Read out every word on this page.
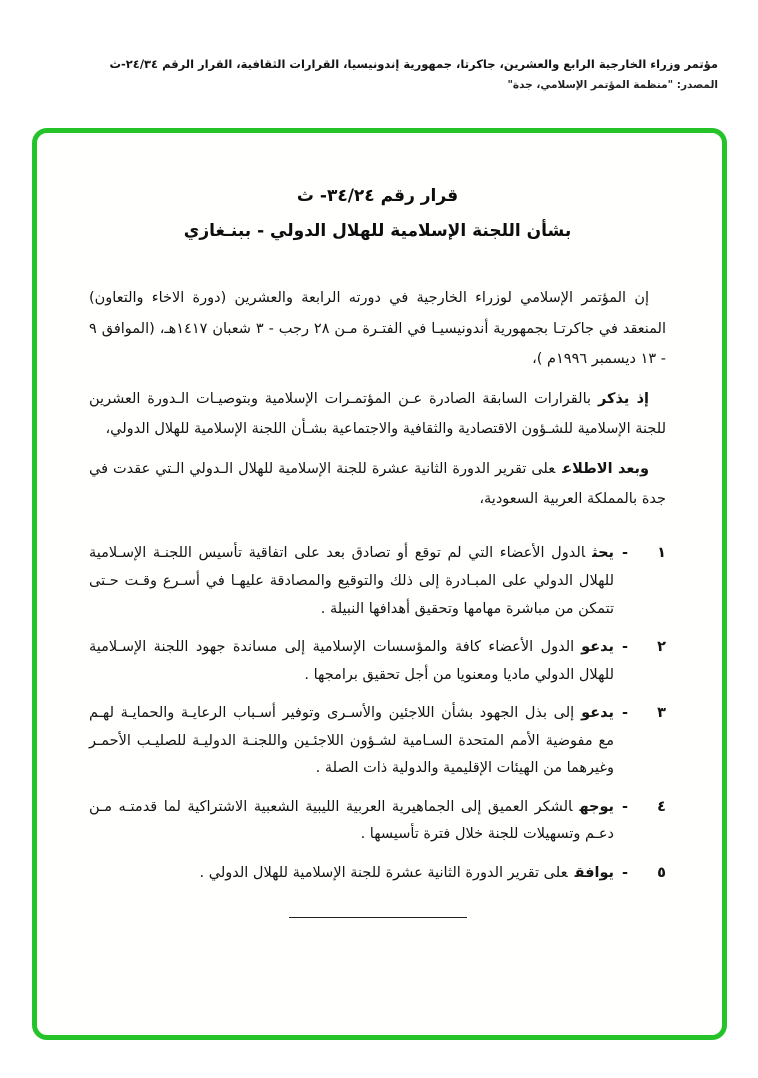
مؤتمر وزراء الخارجية الرابع والعشرين، جاكرتا، جمهورية إندونيسيا، القرارات الثقافية، القرار الرقم ٢٤/٣٤-ث
المصدر: "منظمة المؤتمر الإسلامي، جدة"
قرار رقم ٣٤/٢٤- ث
بشأن اللجنة الإسلامية للهلال الدولي - ببنـغازي

إن المؤتمر الإسلامي لوزراء الخارجية في دورته الرابعة والعشرين (دورة الاخاء والتعاون) المنعقد في جاكرتـا بجمهورية أندونيسيـا في الفتـرة مـن ٢٨ رجب - ٣ شعبان ١٤١٧هـ، (الموافق ٩ - ١٣ ديسمبر ١٩٩٦م )،

إذ يذكربالقرارات السابقة الصادرة عـن المؤتمـرات الإسلامية وبتوصيـات الـدورة العشرين للجنة الإسلامية للشـؤون الاقتصادية والثقافية والاجتماعية بشـأن اللجنة الإسلامية للهلال الدولي،

وبعد الاطلاععلى تقرير الدورة الثانية عشرة للجنة الإسلامية للهلال الـدولي الـتي عقدت في جدة بالمملكة العربية السعودية،

١
-
يحثالدول الأعضاء التي لم توقع أو تصادق بعد على اتفاقية تأسيس اللجنـة الإسـلامية للهلال الدولي على المبـادرة إلى ذلك والتوقيع والمصادقة عليهـا في أسـرع وقـت حـتى تتمكن من مباشرة مهامها وتحقيق أهدافها النبيلة .
٢
-
يدعوالدول الأعضاء كافة والمؤسسات الإسلامية إلى مساندة جهود اللجنة الإسـلامية للهلال الدولي ماديا ومعنويا من أجل تحقيق برامجها .
٣
-
يدعوإلى بذل الجهود بشأن اللاجئين والأسـرى وتوفير أسـباب الرعايـة والحمايـة لهـم مع مفوضية الأمم المتحدة السـامية لشـؤون اللاجئـين واللجنـة الدوليـة للصليـب الأحمـر وغيرهما من الهيئات الإقليمية والدولية ذات الصلة .
٤
-
يوجهالشكر العميق إلى الجماهيرية العربية الليبية الشعبية الاشتراكية لما قدمتـه مـن دعـم وتسهيلات للجنة خلال فترة تأسيسها .
٥
-
يوافقعلى تقرير الدورة الثانية عشرة للجنة الإسلامية للهلال الدولي .
